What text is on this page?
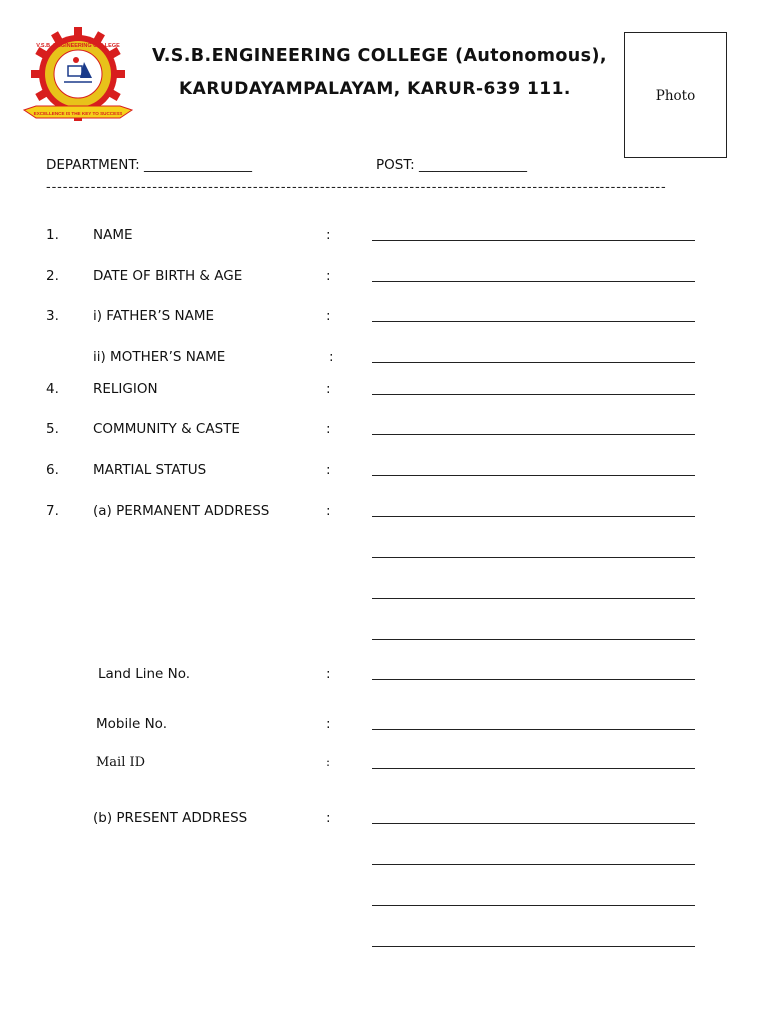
V.S.B. ENGINEERING COLLEGE
EXCELLENCE IS THE KEY TO SUCCESS
V.S.B.ENGINEERING COLLEGE (Autonomous),
KARUDAYAMPALAYAM, KARUR-639 111.	Photo
DEPARTMENT: ________________	POST: ________________
---------------------------------------------------------------------------------------------------------------
1.	NAME	:
2.	DATE OF BIRTH & AGE	:
3.	i) FATHER’S NAME	:
ii) MOTHER’S NAME	:
4.	RELIGION	:
5.	COMMUNITY & CASTE	:
6.	MARTIAL STATUS	:
7.	(a) PERMANENT ADDRESS	:
Land Line No.	:
Mobile No.	:
Mail ID	:
(b) PRESENT ADDRESS	:
